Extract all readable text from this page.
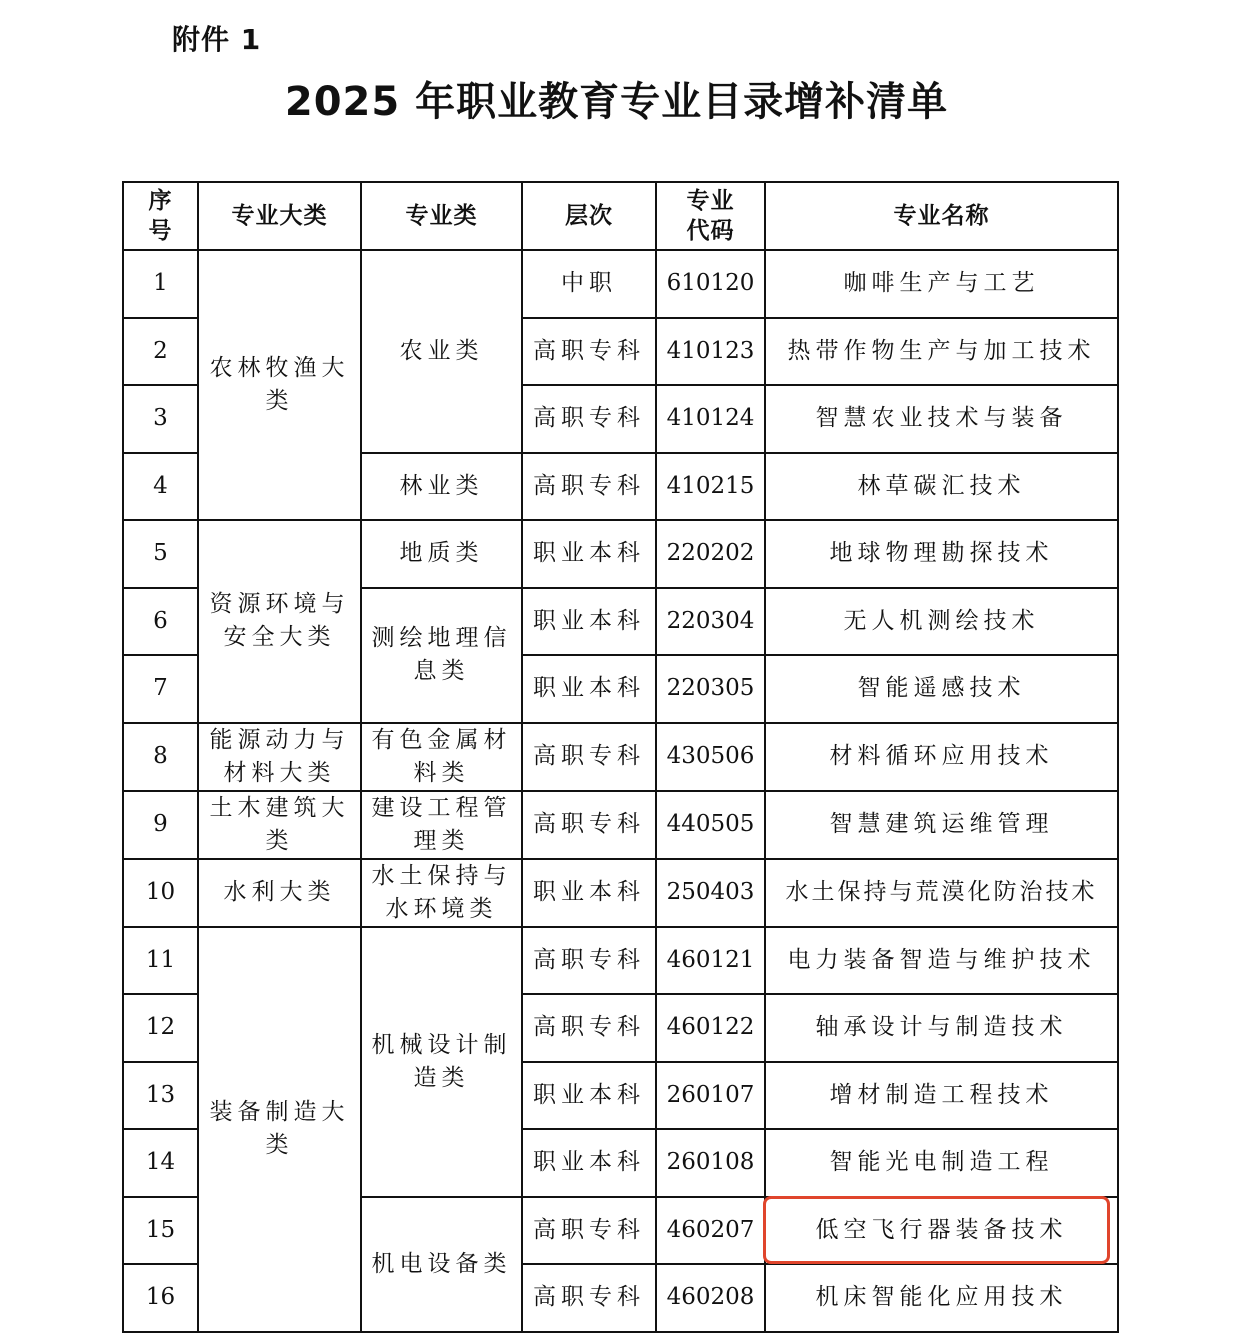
附件 1
2025 年职业教育专业目录增补清单
序号	专业大类	专业类	层次	专业代码	专业名称
1	农林牧渔大类	农业类	中职	610120	咖啡生产与工艺
2			高职专科	410123	热带作物生产与加工技术
3			高职专科	410124	智慧农业技术与装备
4		林业类	高职专科	410215	林草碳汇技术
5	资源环境与安全大类	地质类	职业本科	220202	地球物理勘探技术
6		测绘地理信息类	职业本科	220304	无人机测绘技术
7			职业本科	220305	智能遥感技术
8	能源动力与材料大类	有色金属材料类	高职专科	430506	材料循环应用技术
9	土木建筑大类	建设工程管理类	高职专科	440505	智慧建筑运维管理
10	水利大类	水土保持与水环境类	职业本科	250403	水土保持与荒漠化防治技术
11	装备制造大类	机械设计制造类	高职专科	460121	电力装备智造与维护技术
12			高职专科	460122	轴承设计与制造技术
13			职业本科	260107	增材制造工程技术
14			职业本科	260108	智能光电制造工程
15		机电设备类	高职专科	460207	低空飞行器装备技术
16			高职专科	460208	机床智能化应用技术
